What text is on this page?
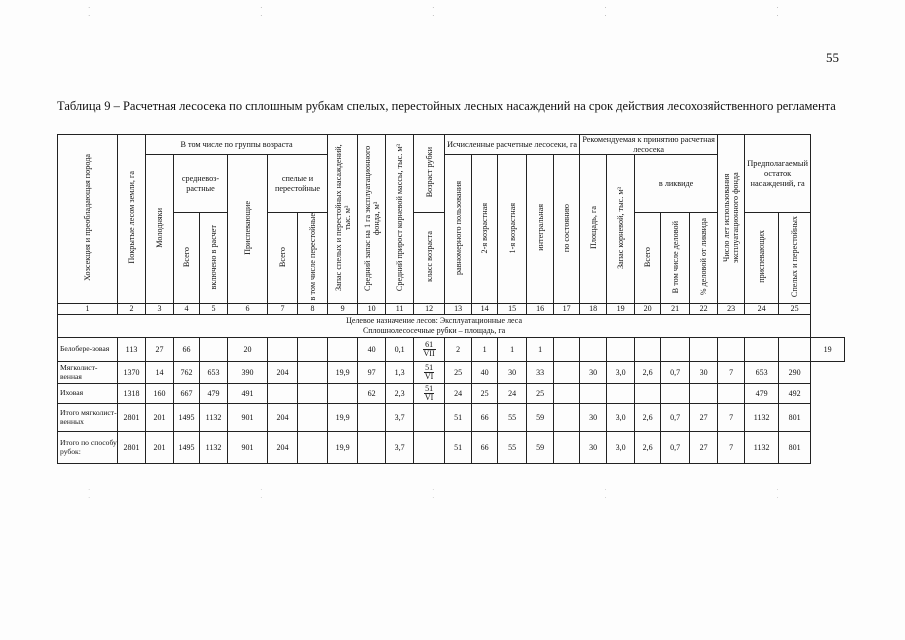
· · · · · · · · · ·
55
Таблица 9 – Расчетная лесосека по сплошным рубкам спелых, перестойных лесных насаждений на срок действия лесохозяйственного регламента
Хозсекция и преобладающая порода	Покрытые лесом земли, га	В том числе по группы возраста						Запас спелых и перестойных насаждений, тыс. м³	Средний запас на 1 га эксплуатационного фонда, м³	Средний прирост корневой массы, тыс. м³	Возраст рубки	Исчисленные расчетные лесосеки, га					Рекомендуемая к принятию расчетная лесосека					Число лет использования эксплуатационного фонда	Предполагаемый остаток насаждений, га		
		Молодняки	средневоз-растные		Приспевающие	спелые и перестойные						равномерного пользования	2-я возрастная	1-я возрастная	интегральная	по состоянию	Площадь, га	Запас корневой, тыс. м³	в ликвиде						
			Всего	включено в расчет		Всего	в том числе перестойные				класс возраста								Всего	В том числе деловой	% деловой от ликвида		приспевающих	Спелых и перестойных	
1	2	3	4	5	6	7	8	9	10	11	12	13	14	15	16	17	18	19	20	21	22	23	24	25	

Целевое назначение лесов: Эксплуатационные леса
Сплошнолесосечные рубки – площадь, га																									

Белобере-зовая	113	27	66		20				40	0,1	$\frac{61}{\text{VII}}$	2	1	1	1										19
Мягколист-венная	1370	14	762	653	390	204		19,9	97	1,3	$\frac{51}{VI}$	25	40	30	33		30	3,0	2,6	0,7	30	7	653	290	
Иховая	1318	160	667	479	491				62	2,3	$\frac{51}{VI}$	24	25	24	25								479	492	
Итого мягколист-венных	2801	201	1495	1132	901	204		19,9		3,7		51	66	55	59		30	3,0	2,6	0,7	27	7	1132	801	
Итого по способу рубок:	2801	201	1495	1132	901	204		19,9		3,7		51	66	55	59		30	3,0	2,6	0,7	27	7	1132	801	
· · · · · · · · · ·
